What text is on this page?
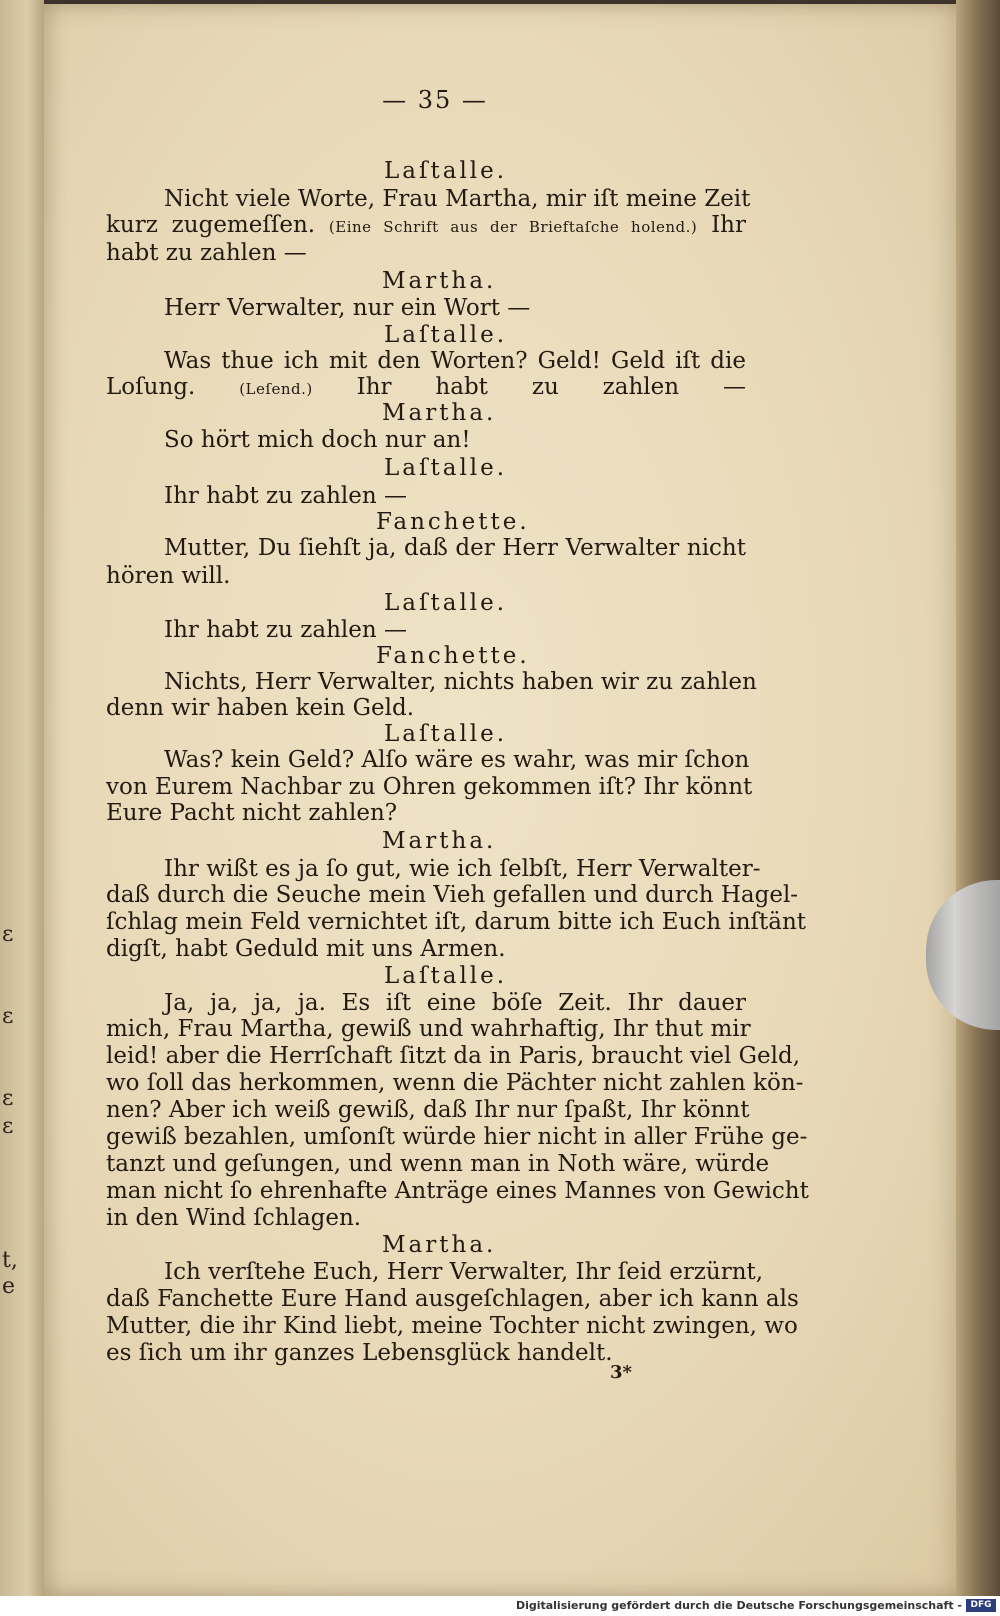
ɛ
ɛ
ɛ
ɛ
t,
e
— 35 —
Laſtalle.
Nicht viele Worte, Frau Martha, mir iſt meine Zeit
kurz zugemeſſen. (Eine Schrift aus der Brieftaſche holend.) Ihr
habt zu zahlen —
Martha.
Herr Verwalter, nur ein Wort —
Laſtalle.
Was thue ich mit den Worten? Geld! Geld iſt die
Loſung. (Leſend.) Ihr habt zu zahlen —
Martha.
So hört mich doch nur an!
Laſtalle.
Ihr habt zu zahlen —
Fanchette.
Mutter, Du ſiehſt ja, daß der Herr Verwalter nicht
hören will.
Laſtalle.
Ihr habt zu zahlen —
Fanchette.
Nichts, Herr Verwalter, nichts haben wir zu zahlen
denn wir haben kein Geld.
Laſtalle.
Was? kein Geld? Alſo wäre es wahr, was mir ſchon
von Eurem Nachbar zu Ohren gekommen iſt? Ihr könnt
Eure Pacht nicht zahlen?
Martha.
Ihr wißt es ja ſo gut, wie ich ſelbſt, Herr Verwalter-
daß durch die Seuche mein Vieh gefallen und durch Hagel-
ſchlag mein Feld vernichtet iſt, darum bitte ich Euch inſtänt
digſt, habt Geduld mit uns Armen.
Laſtalle.
Ja, ja, ja, ja. Es iſt eine böſe Zeit. Ihr dauer
mich, Frau Martha, gewiß und wahrhaftig, Ihr thut mir
leid! aber die Herrſchaft ſitzt da in Paris, braucht viel Geld,
wo ſoll das herkommen, wenn die Pächter nicht zahlen kön-
nen? Aber ich weiß gewiß, daß Ihr nur ſpaßt, Ihr könnt
gewiß bezahlen, umſonſt würde hier nicht in aller Frühe ge-
tanzt und geſungen, und wenn man in Noth wäre, würde
man nicht ſo ehrenhafte Anträge eines Mannes von Gewicht
in den Wind ſchlagen.
Martha.
Ich verſtehe Euch, Herr Verwalter, Ihr ſeid erzürnt,
daß Fanchette Eure Hand ausgeſchlagen, aber ich kann als
Mutter, die ihr Kind liebt, meine Tochter nicht zwingen, wo
es ſich um ihr ganzes Lebensglück handelt.
3*
Digitalisierung gefördert durch die Deutsche Forschungsgemeinschaft - DFG
